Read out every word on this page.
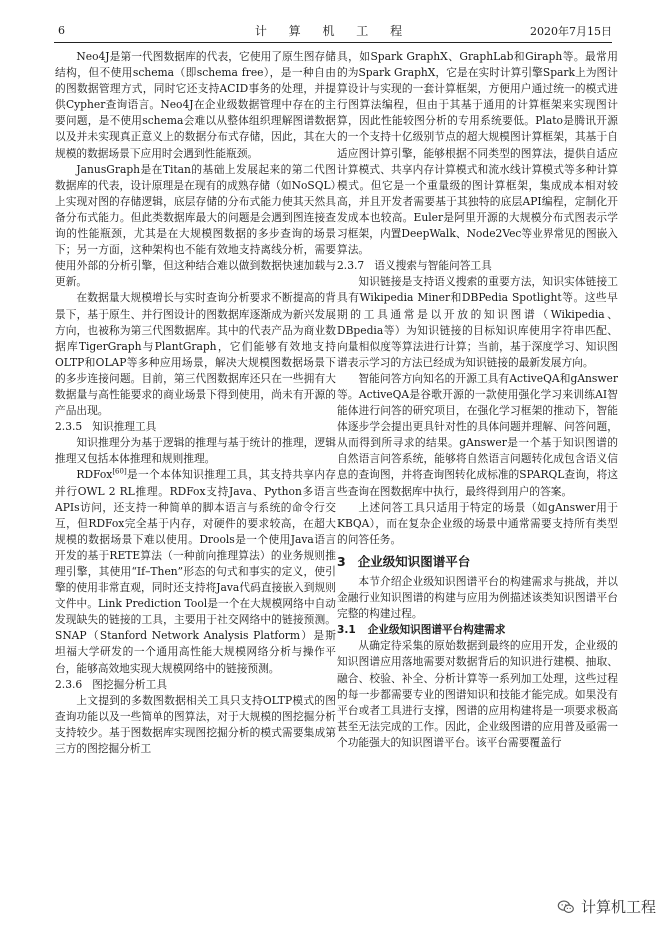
6	计 算 机 工 程	2020年7月15日

Neo4J是第一代图数据库的代表，它使用了原生图存储结构，但不使用schema（即schema free），是一种自由的图数据管理方式，同时它还支持ACID事务的处理，并提供Cypher查询语言。Neo4J在企业级数据管理中存在的主要问题，是不使用schema会难以从整体组织理解图谱数据以及并未实现真正意义上的数据分布式存储，因此，其在大规模的数据场景下应用时会遇到性能瓶颈。

JanusGraph是在Titan的基础上发展起来的第二代图数据库的代表，设计原理是在现有的成熟存储（如NoSQL）上实现对图的存储逻辑，底层存储的分布式能力使其天然具备分布式能力。但此类数据库最大的问题是会遇到图连接查询的性能瓶颈，尤其是在大规模图数据的多步查询的场景下；另一方面，这种架构也不能有效地支持离线分析，需要使用外部的分析引擎，但这种结合难以做到数据快速加载与更新。

在数据量大规模增长与实时查询分析要求不断提高的背景下，基于原生、并行图设计的图数据库逐渐成为新兴发展方向，也被称为第三代图数据库。其中的代表产品为商业数据库TigerGraph与PlantGraph，它们能够有效地支持OLTP和OLAP等多种应用场景，解决大规模图数据场景下的多步连接问题。目前，第三代图数据库还只在一些拥有大数据量与高性能要求的商业场景下得到使用，尚未有开源的产品出现。

2.3.5 知识推理工具

知识推理分为基于逻辑的推理与基于统计的推理，逻辑推理又包括本体推理和规则推理。

RDFox[60]是一个本体知识推理工具，其支持共享内存并行OWL 2 RL推理。RDFox支持Java、Python多语言APIs访问，还支持一种简单的脚本语言与系统的命令行交互，但RDFox完全基于内存，对硬件的要求较高，在超大规模的数据场景下难以使用。Drools是一个使用Java语言开发的基于RETE算法（一种前向推理算法）的业务规则推理引擎，其使用“If–Then”形态的句式和事实的定义，使引擎的使用非常直观，同时还支持将Java代码直接嵌入到规则文件中。Link Prediction Tool是一个在大规模网络中自动发现缺失的链接的工具，主要用于社交网络中的链接预测。SNAP（Stanford Network Analysis Platform）是斯坦福大学研发的一个通用高性能大规模网络分析与操作平台，能够高效地实现大规模网络中的链接预测。

2.3.6 图挖掘分析工具

上文提到的多数图数据相关工具只支持OLTP模式的图查询功能以及一些简单的图算法，对于大规模的图挖掘分析支持较少。基于图数据库实现图挖掘分析的模式需要集成第三方的图挖掘分析工

具，如Spark GraphX、GraphLab和Giraph等。最常用的为Spark GraphX，它是在实时计算引擎Spark上为图计算设计与实现的一套计算框架，方便用户通过统一的模式进行图算法编程，但由于其基于通用的计算框架来实现图计算，因此性能较图分析的专用系统要低。Plato是腾讯开源的一个支持十亿级别节点的超大规模图计算框架，其基于自适应图计算引擎，能够根据不同类型的图算法，提供自适应计算模式、共享内存计算模式和流水线计算模式等多种计算模式。但它是一个重量级的图计算框架，集成成本相对较高，并且开发者需要基于其独特的底层API编程，定制化开发成本也较高。Euler是阿里开源的大规模分布式图表示学习框架，内置DeepWalk、Node2Vec等业界常见的图嵌入算法。

2.3.7 语义搜索与智能问答工具

知识链接是支持语义搜索的重要方法，知识实体链接工具有Wikipedia Miner和DBPedia Spotlight等。这些早期的工具通常是以开放的知识图谱（Wikipedia、DBpedia等）为知识链接的目标知识库使用字符串匹配、向量相似度等算法进行计算；当前，基于深度学习、知识图谱表示学习的方法已经成为知识链接的最新发展方向。

智能问答方向知名的开源工具有ActiveQA和gAnswer等。ActiveQA是谷歌开源的一款使用强化学习来训练AI智能体进行问答的研究项目，在强化学习框架的推动下，智能体逐步学会提出更具针对性的具体问题并理解、问答问题，从而得到所寻求的结果。gAnswer是一个基于知识图谱的自然语言问答系统，能够将自然语言问题转化成包含语义信息的查询图，并将查询图转化成标准的SPARQL查询，将这些查询在图数据库中执行，最终得到用户的答案。

上述问答工具只适用于特定的场景（如gAnswer用于KBQA），而在复杂企业级的场景中通常需要支持所有类型的问答任务。

3 企业级知识图谱平台

本节介绍企业级知识图谱平台的构建需求与挑战，并以金融行业知识图谱的构建与应用为例描述该类知识图谱平台完整的构建过程。

3.1 企业级知识图谱平台构建需求

从确定待采集的原始数据到最终的应用开发，企业级的知识图谱应用落地需要对数据背后的知识进行建模、抽取、融合、校验、补全、分析计算等一系列加工处理，这些过程的每一步都需要专业的图谱知识和技能才能完成。如果没有平台或者工具进行支撑，图谱的应用构建将是一项要求极高甚至无法完成的工作。因此，企业级图谱的应用普及亟需一个功能强大的知识图谱平台。该平台需要覆盖行

计算机工程
